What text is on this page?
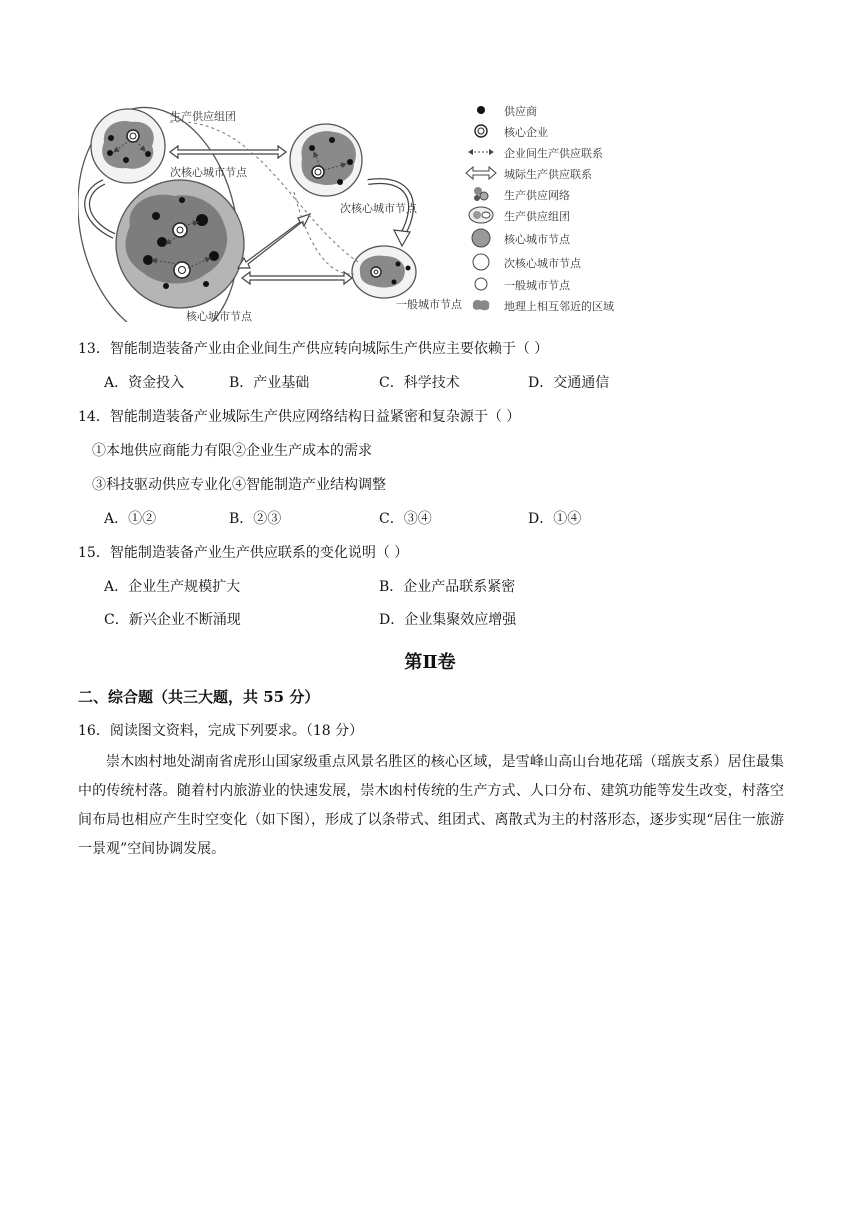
生产供应组团
次核心城市节点
次核心城市节点
核心城市节点
一般城市节点
供应商
核心企业
企业间生产供应联系
城际生产供应联系
生产供应网络
生产供应组团
核心城市节点
次核心城市节点
一般城市节点
地理上相互邻近的区域
13．智能制造装备产业由企业间生产供应转向城际生产供应主要依赖于（ ）
A．资金投入	B．产业基础	C．科学技术	D．交通通信
14．智能制造装备产业城际生产供应网络结构日益紧密和复杂源于（ ）
①本地供应商能力有限②企业生产成本的需求
③科技驱动供应专业化④智能制造产业结构调整
A．①②	B．②③	C．③④	D．①④
15．智能制造装备产业生产供应联系的变化说明（ ）
A．企业生产规模扩大	B．企业产品联系紧密
C．新兴企业不断涌现	D．企业集聚效应增强
第Ⅱ卷
二、综合题（共三大题，共 55 分）
16．阅读图文资料，完成下列要求。（18 分）
崇木凼村地处湖南省虎形山国家级重点风景名胜区的核心区域，是雪峰山高山台地花瑶（瑶族支系）居住最集中的传统村落。随着村内旅游业的快速发展，崇木凼村传统的生产方式、人口分布、建筑功能等发生改变，村落空间布局也相应产生时空变化（如下图），形成了以条带式、组团式、离散式为主的村落形态，逐步实现“居住一旅游一景观”空间协调发展。
